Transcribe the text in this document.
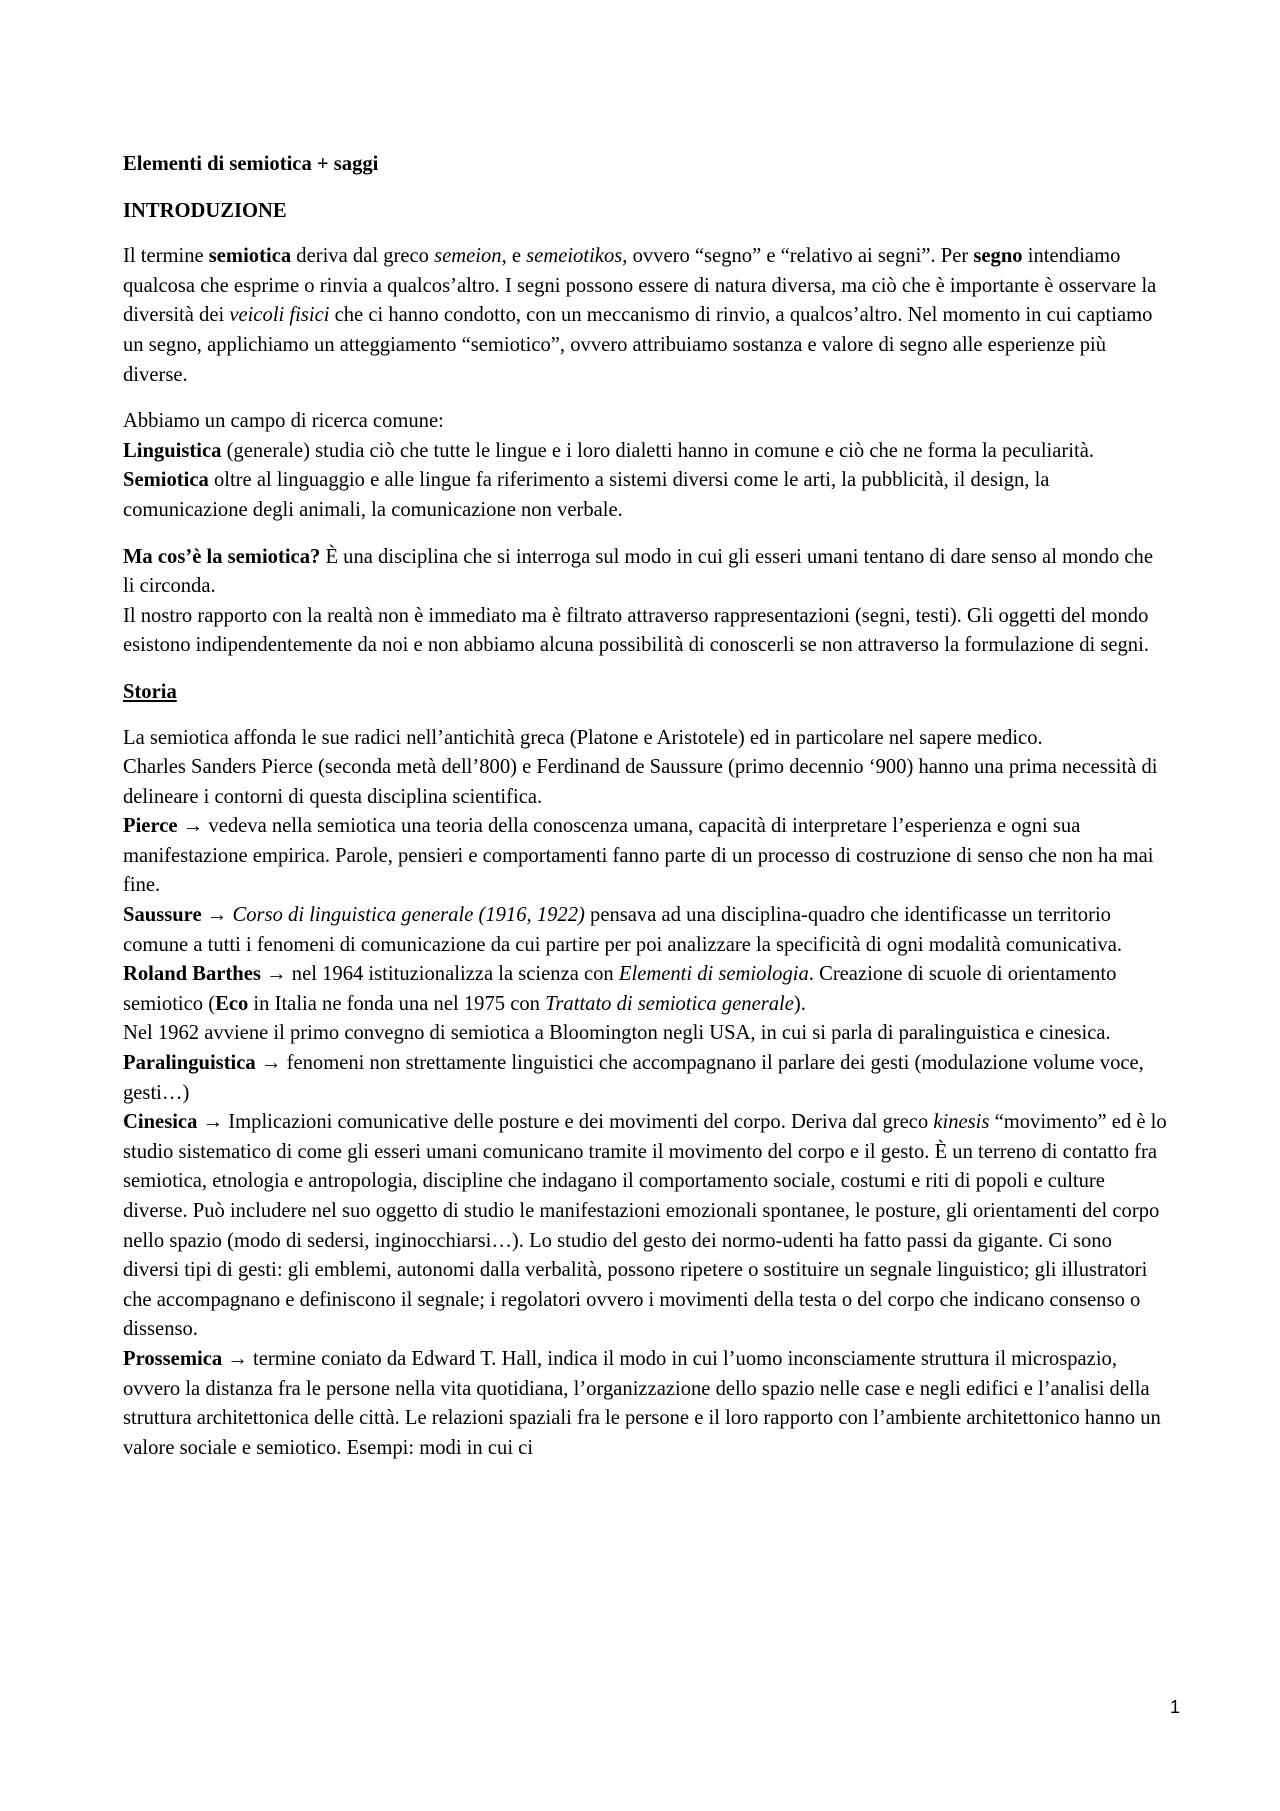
Elementi di semiotica + saggi

INTRODUZIONE

Il termine semiotica deriva dal greco semeion, e semeiotikos, ovvero “segno” e “relativo ai segni”. Per segno intendiamo qualcosa che esprime o rinvia a qualcos’altro. I segni possono essere di natura diversa, ma ciò che è importante è osservare la diversità dei veicoli fisici che ci hanno condotto, con un meccanismo di rinvio, a qualcos’altro. Nel momento in cui captiamo un segno, applichiamo un atteggiamento “semiotico”, ovvero attribuiamo sostanza e valore di segno alle esperienze più diverse.

Abbiamo un campo di ricerca comune:

Linguistica (generale) studia ciò che tutte le lingue e i loro dialetti hanno in comune e ciò che ne forma la peculiarità.

Semiotica oltre al linguaggio e alle lingue fa riferimento a sistemi diversi come le arti, la pubblicità, il design, la comunicazione degli animali, la comunicazione non verbale.

Ma cos’è la semiotica? È una disciplina che si interroga sul modo in cui gli esseri umani tentano di dare senso al mondo che li circonda.

Il nostro rapporto con la realtà non è immediato ma è filtrato attraverso rappresentazioni (segni, testi). Gli oggetti del mondo esistono indipendentemente da noi e non abbiamo alcuna possibilità di conoscerli se non attraverso la formulazione di segni.

Storia

La semiotica affonda le sue radici nell’antichità greca (Platone e Aristotele) ed in particolare nel sapere medico.

Charles Sanders Pierce (seconda metà dell’800) e Ferdinand de Saussure (primo decennio ‘900) hanno una prima necessità di delineare i contorni di questa disciplina scientifica.

Pierce → vedeva nella semiotica una teoria della conoscenza umana, capacità di interpretare l’esperienza e ogni sua manifestazione empirica. Parole, pensieri e comportamenti fanno parte di un processo di costruzione di senso che non ha mai fine.

Saussure → Corso di linguistica generale (1916, 1922) pensava ad una disciplina-quadro che identificasse un territorio comune a tutti i fenomeni di comunicazione da cui partire per poi analizzare la specificità di ogni modalità comunicativa.

Roland Barthes → nel 1964 istituzionalizza la scienza con Elementi di semiologia. Creazione di scuole di orientamento semiotico (Eco in Italia ne fonda una nel 1975 con Trattato di semiotica generale).

Nel 1962 avviene il primo convegno di semiotica a Bloomington negli USA, in cui si parla di paralinguistica e cinesica.

Paralinguistica → fenomeni non strettamente linguistici che accompagnano il parlare dei gesti (modulazione volume voce, gesti…)

Cinesica → Implicazioni comunicative delle posture e dei movimenti del corpo. Deriva dal greco kinesis “movimento” ed è lo studio sistematico di come gli esseri umani comunicano tramite il movimento del corpo e il gesto. È un terreno di contatto fra semiotica, etnologia e antropologia, discipline che indagano il comportamento sociale, costumi e riti di popoli e culture diverse. Può includere nel suo oggetto di studio le manifestazioni emozionali spontanee, le posture, gli orientamenti del corpo nello spazio (modo di sedersi, inginocchiarsi…). Lo studio del gesto dei normo-udenti ha fatto passi da gigante. Ci sono diversi tipi di gesti: gli emblemi, autonomi dalla verbalità, possono ripetere o sostituire un segnale linguistico; gli illustratori che accompagnano e definiscono il segnale; i regolatori ovvero i movimenti della testa o del corpo che indicano consenso o dissenso.

Prossemica → termine coniato da Edward T. Hall, indica il modo in cui l’uomo inconsciamente struttura il microspazio, ovvero la distanza fra le persone nella vita quotidiana, l’organizzazione dello spazio nelle case e negli edifici e l’analisi della struttura architettonica delle città. Le relazioni spaziali fra le persone e il loro rapporto con l’ambiente architettonico hanno un valore sociale e semiotico. Esempi: modi in cui ci

1
